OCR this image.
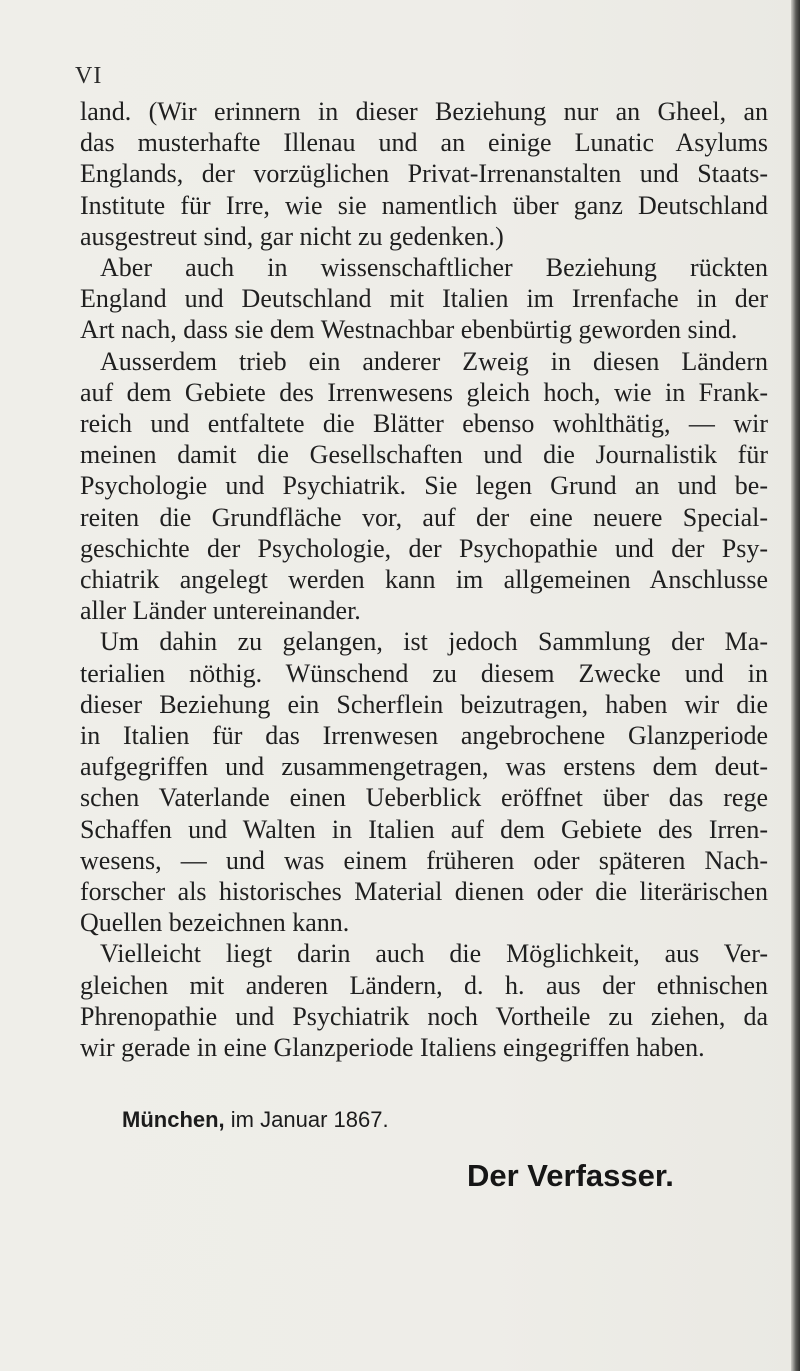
VI
land. (Wir erinnern in dieser Beziehung nur an Gheel, an
das musterhafte Illenau und an einige Lunatic Asylums
Englands, der vorzüglichen Privat-Irrenanstalten und Staats-
Institute für Irre, wie sie namentlich über ganz Deutschland
ausgestreut sind, gar nicht zu gedenken.)
Aber auch in wissenschaftlicher Beziehung rückten
England und Deutschland mit Italien im Irrenfache in der
Art nach, dass sie dem Westnachbar ebenbürtig geworden sind.
Ausserdem trieb ein anderer Zweig in diesen Ländern
auf dem Gebiete des Irrenwesens gleich hoch, wie in Frank-
reich und entfaltete die Blätter ebenso wohlthätig, — wir
meinen damit die Gesellschaften und die Journalistik für
Psychologie und Psychiatrik. Sie legen Grund an und be-
reiten die Grundfläche vor, auf der eine neuere Special-
geschichte der Psychologie, der Psychopathie und der Psy-
chiatrik angelegt werden kann im allgemeinen Anschlusse
aller Länder untereinander.
Um dahin zu gelangen, ist jedoch Sammlung der Ma-
terialien nöthig. Wünschend zu diesem Zwecke und in
dieser Beziehung ein Scherflein beizutragen, haben wir die
in Italien für das Irrenwesen angebrochene Glanzperiode
aufgegriffen und zusammengetragen, was erstens dem deut-
schen Vaterlande einen Ueberblick eröffnet über das rege
Schaffen und Walten in Italien auf dem Gebiete des Irren-
wesens, — und was einem früheren oder späteren Nach-
forscher als historisches Material dienen oder die literärischen
Quellen bezeichnen kann.
Vielleicht liegt darin auch die Möglichkeit, aus Ver-
gleichen mit anderen Ländern, d. h. aus der ethnischen
Phrenopathie und Psychiatrik noch Vortheile zu ziehen, da
wir gerade in eine Glanzperiode Italiens eingegriffen haben.
München, im Januar 1867.
Der Verfasser.
